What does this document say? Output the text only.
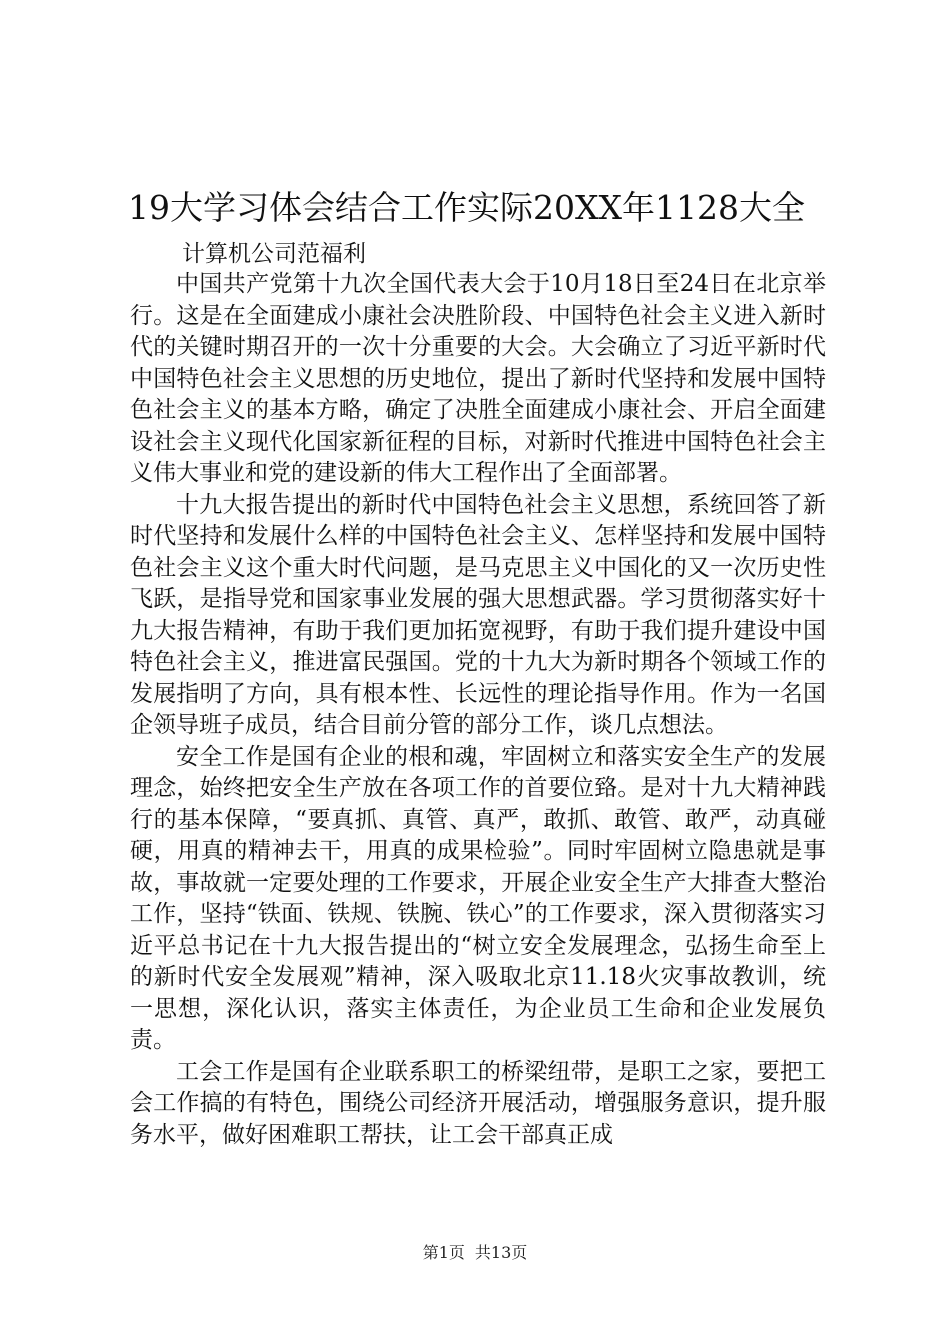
19大学习体会结合工作实际20XX年1128大全

计算机公司范福利

中国共产党第十九次全国代表大会于10月18日至24日在北京举行。这是在全面建成小康社会决胜阶段、中国特色社会主义进入新时代的关键时期召开的一次十分重要的大会。大会确立了习近平新时代中国特色社会主义思想的历史地位，提出了新时代坚持和发展中国特色社会主义的基本方略，确定了决胜全面建成小康社会、开启全面建设社会主义现代化国家新征程的目标，对新时代推进中国特色社会主义伟大事业和党的建设新的伟大工程作出了全面部署。

十九大报告提出的新时代中国特色社会主义思想，系统回答了新时代坚持和发展什么样的中国特色社会主义、怎样坚持和发展中国特色社会主义这个重大时代问题，是马克思主义中国化的又一次历史性飞跃，是指导党和国家事业发展的强大思想武器。学习贯彻落实好十九大报告精神，有助于我们更加拓宽视野，有助于我们提升建设中国特色社会主义，推进富民强国。党的十九大为新时期各个领域工作的发展指明了方向，具有根本性、长远性的理论指导作用。作为一名国企领导班子成员，结合目前分管的部分工作，谈几点想法。

安全工作是国有企业的根和魂，牢固树立和落实安全生产的发展理念，始终把安全生产放在各项工作的首要位臵。是对十九大精神践行的基本保障，“要真抓、真管、真严，敢抓、敢管、敢严，动真碰硬，用真的精神去干，用真的成果检验”。同时牢固树立隐患就是事故，事故就一定要处理的工作要求，开展企业安全生产大排查大整治工作，坚持“铁面、铁规、铁腕、铁心”的工作要求，深入贯彻落实习近平总书记在十九大报告提出的“树立安全发展理念，弘扬生命至上的新时代安全发展观”精神，深入吸取北京11.18火灾事故教训，统一思想，深化认识，落实主体责任，为企业员工生命和企业发展负责。

工会工作是国有企业联系职工的桥梁纽带，是职工之家，要把工会工作搞的有特色，围绕公司经济开展活动，增强服务意识，提升服务水平，做好困难职工帮扶，让工会干部真正成

第1页 共13页
